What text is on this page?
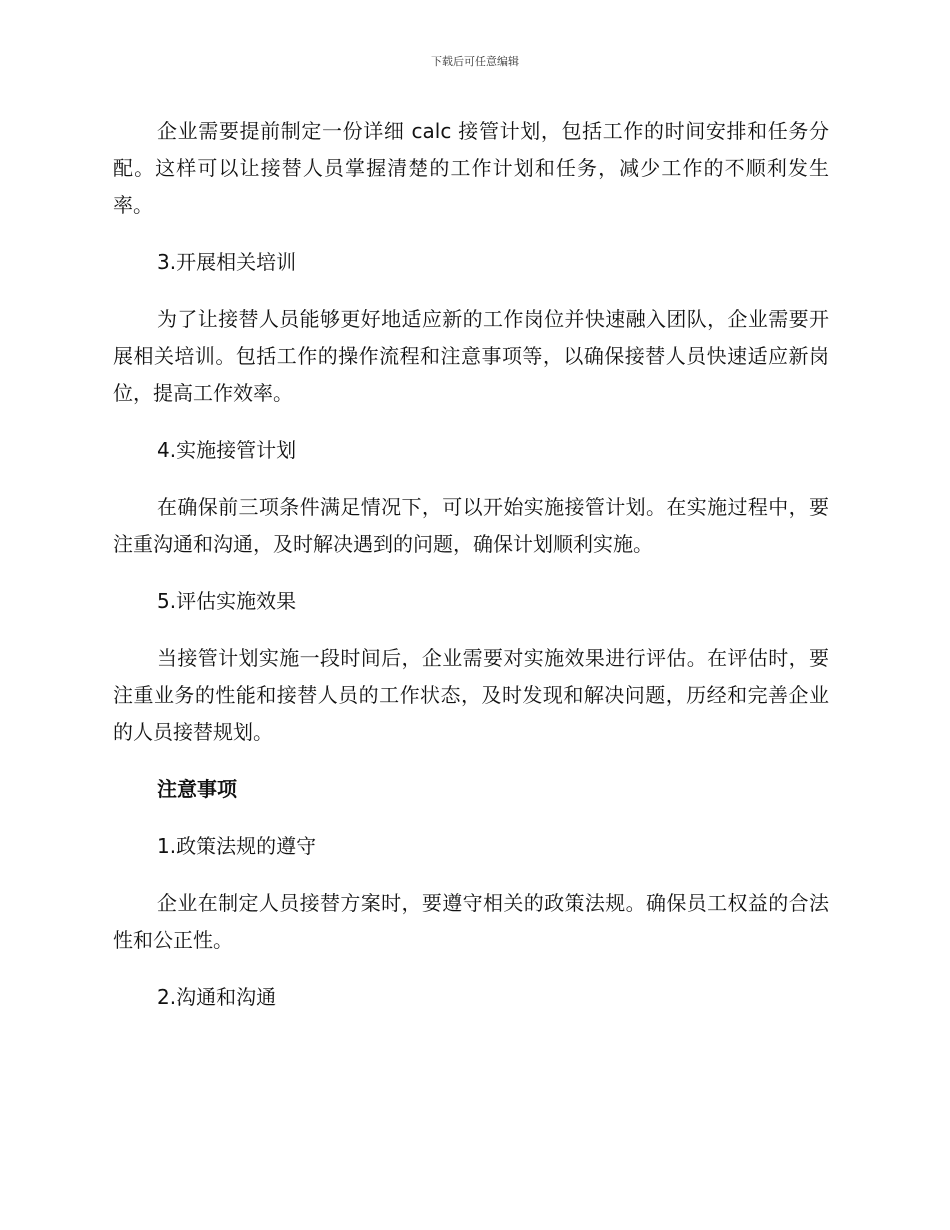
下载后可任意编辑

企业需要提前制定一份详细 calc 接管计划，包括工作的时间安排和任务分配。这样可以让接替人员掌握清楚的工作计划和任务，减少工作的不顺利发生率。

3.开展相关培训

为了让接替人员能够更好地适应新的工作岗位并快速融入团队，企业需要开展相关培训。包括工作的操作流程和注意事项等，以确保接替人员快速适应新岗位，提高工作效率。

4.实施接管计划

在确保前三项条件满足情况下，可以开始实施接管计划。在实施过程中，要注重沟通和沟通，及时解决遇到的问题，确保计划顺利实施。

5.评估实施效果

当接管计划实施一段时间后，企业需要对实施效果进行评估。在评估时，要注重业务的性能和接替人员的工作状态，及时发现和解决问题，历经和完善企业的人员接替规划。

注意事项

1.政策法规的遵守

企业在制定人员接替方案时，要遵守相关的政策法规。确保员工权益的合法性和公正性。

2.沟通和沟通
